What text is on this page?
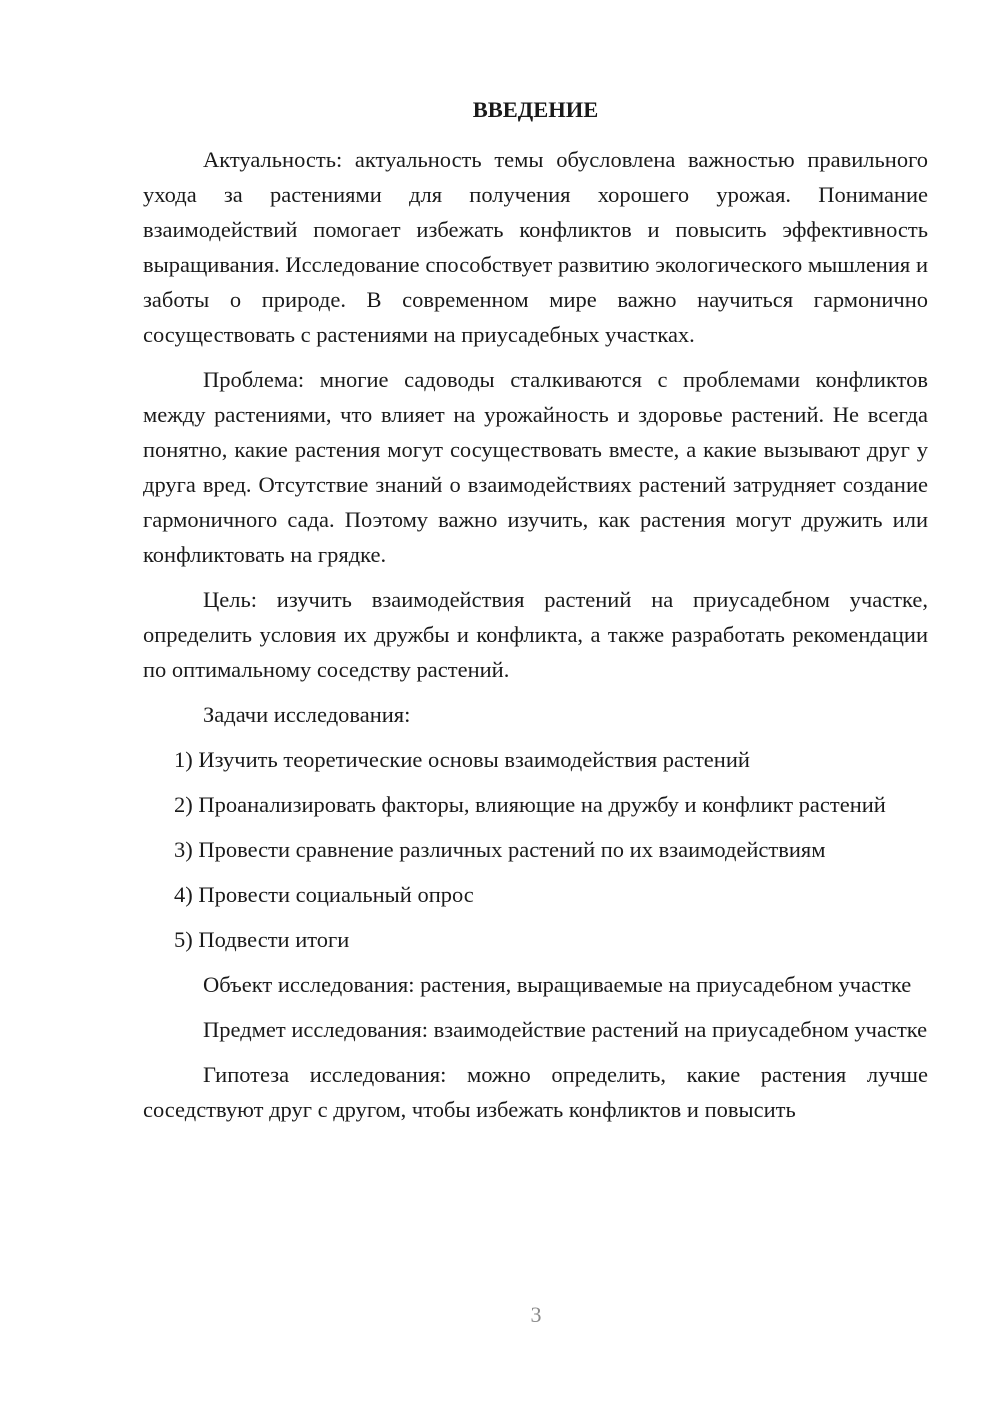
ВВЕДЕНИЕ

Актуальность: актуальность темы обусловлена важностью правильного ухода за растениями для получения хорошего урожая. Понимание взаимодействий помогает избежать конфликтов и повысить эффективность выращивания. Исследование способствует развитию экологического мышления и заботы о природе. В современном мире важно научиться гармонично сосуществовать с растениями на приусадебных участках.

Проблема: многие садоводы сталкиваются с проблемами конфликтов между растениями, что влияет на урожайность и здоровье растений. Не всегда понятно, какие растения могут сосуществовать вместе, а какие вызывают друг у друга вред. Отсутствие знаний о взаимодействиях растений затрудняет создание гармоничного сада. Поэтому важно изучить, как растения могут дружить или конфликтовать на грядке.

Цель: изучить взаимодействия растений на приусадебном участке, определить условия их дружбы и конфликта, а также разработать рекомендации по оптимальному соседству растений.

Задачи исследования:

1) Изучить теоретические основы взаимодействия растений

2) Проанализировать факторы, влияющие на дружбу и конфликт растений

3) Провести сравнение различных растений по их взаимодействиям

4) Провести социальный опрос

5) Подвести итоги

Объект исследования: растения, выращиваемые на приусадебном участке

Предмет исследования: взаимодействие растений на приусадебном участке

Гипотеза исследования: можно определить, какие растения лучше соседствуют друг с другом, чтобы избежать конфликтов и повысить

3
